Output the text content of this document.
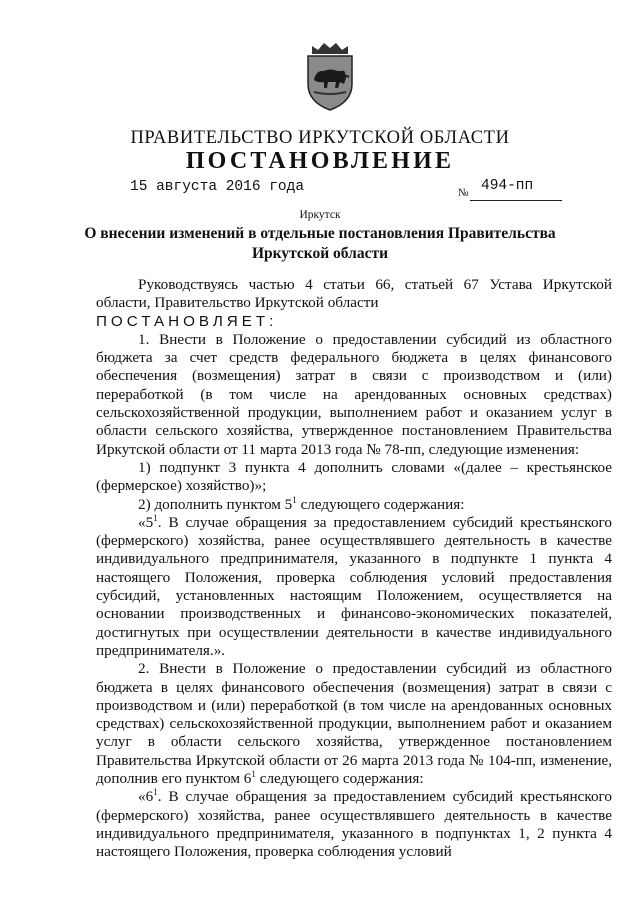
ПРАВИТЕЛЬСТВО ИРКУТСКОЙ ОБЛАСТИ
ПОСТАНОВЛЕНИЕ
15 августа 2016 года	№ 494-пп
Иркутск
О внесении изменений в отдельные постановления Правительства
Иркутской области

Руководствуясь частью 4 статьи 66, статьей 67 Устава Иркутской области, Правительство Иркутской области

ПОСТАНОВЛЯЕТ:

1. Внести в Положение о предоставлении субсидий из областного бюджета за счет средств федерального бюджета в целях финансового обеспечения (возмещения) затрат в связи с производством и (или) переработкой (в том числе на арендованных основных средствах) сельскохозяйственной продукции, выполнением работ и оказанием услуг в области сельского хозяйства, утвержденное постановлением Правительства Иркутской области от 11 марта 2013 года № 78-пп, следующие изменения:

1) подпункт 3 пункта 4 дополнить словами «(далее – крестьянское (фермерское) хозяйство)»;

2) дополнить пунктом $5^1$ следующего содержания:

«$5^1$. В случае обращения за предоставлением субсидий крестьянского (фермерского) хозяйства, ранее осуществлявшего деятельность в качестве индивидуального предпринимателя, указанного в подпункте 1 пункта 4 настоящего Положения, проверка соблюдения условий предоставления субсидий, установленных настоящим Положением, осуществляется на основании производственных и финансово-экономических показателей, достигнутых при осуществлении деятельности в качестве индивидуального предпринимателя.».

2. Внести в Положение о предоставлении субсидий из областного бюджета в целях финансового обеспечения (возмещения) затрат в связи с производством и (или) переработкой (в том числе на арендованных основных средствах) сельскохозяйственной продукции, выполнением работ и оказанием услуг в области сельского хозяйства, утвержденное постановлением Правительства Иркутской области от 26 марта 2013 года № 104-пп, изменение, дополнив его пунктом $6^1$ следующего содержания:

«$6^1$. В случае обращения за предоставлением субсидий крестьянского (фермерского) хозяйства, ранее осуществлявшего деятельность в качестве индивидуального предпринимателя, указанного в подпунктах 1, 2 пункта 4 настоящего Положения, проверка соблюдения условий
